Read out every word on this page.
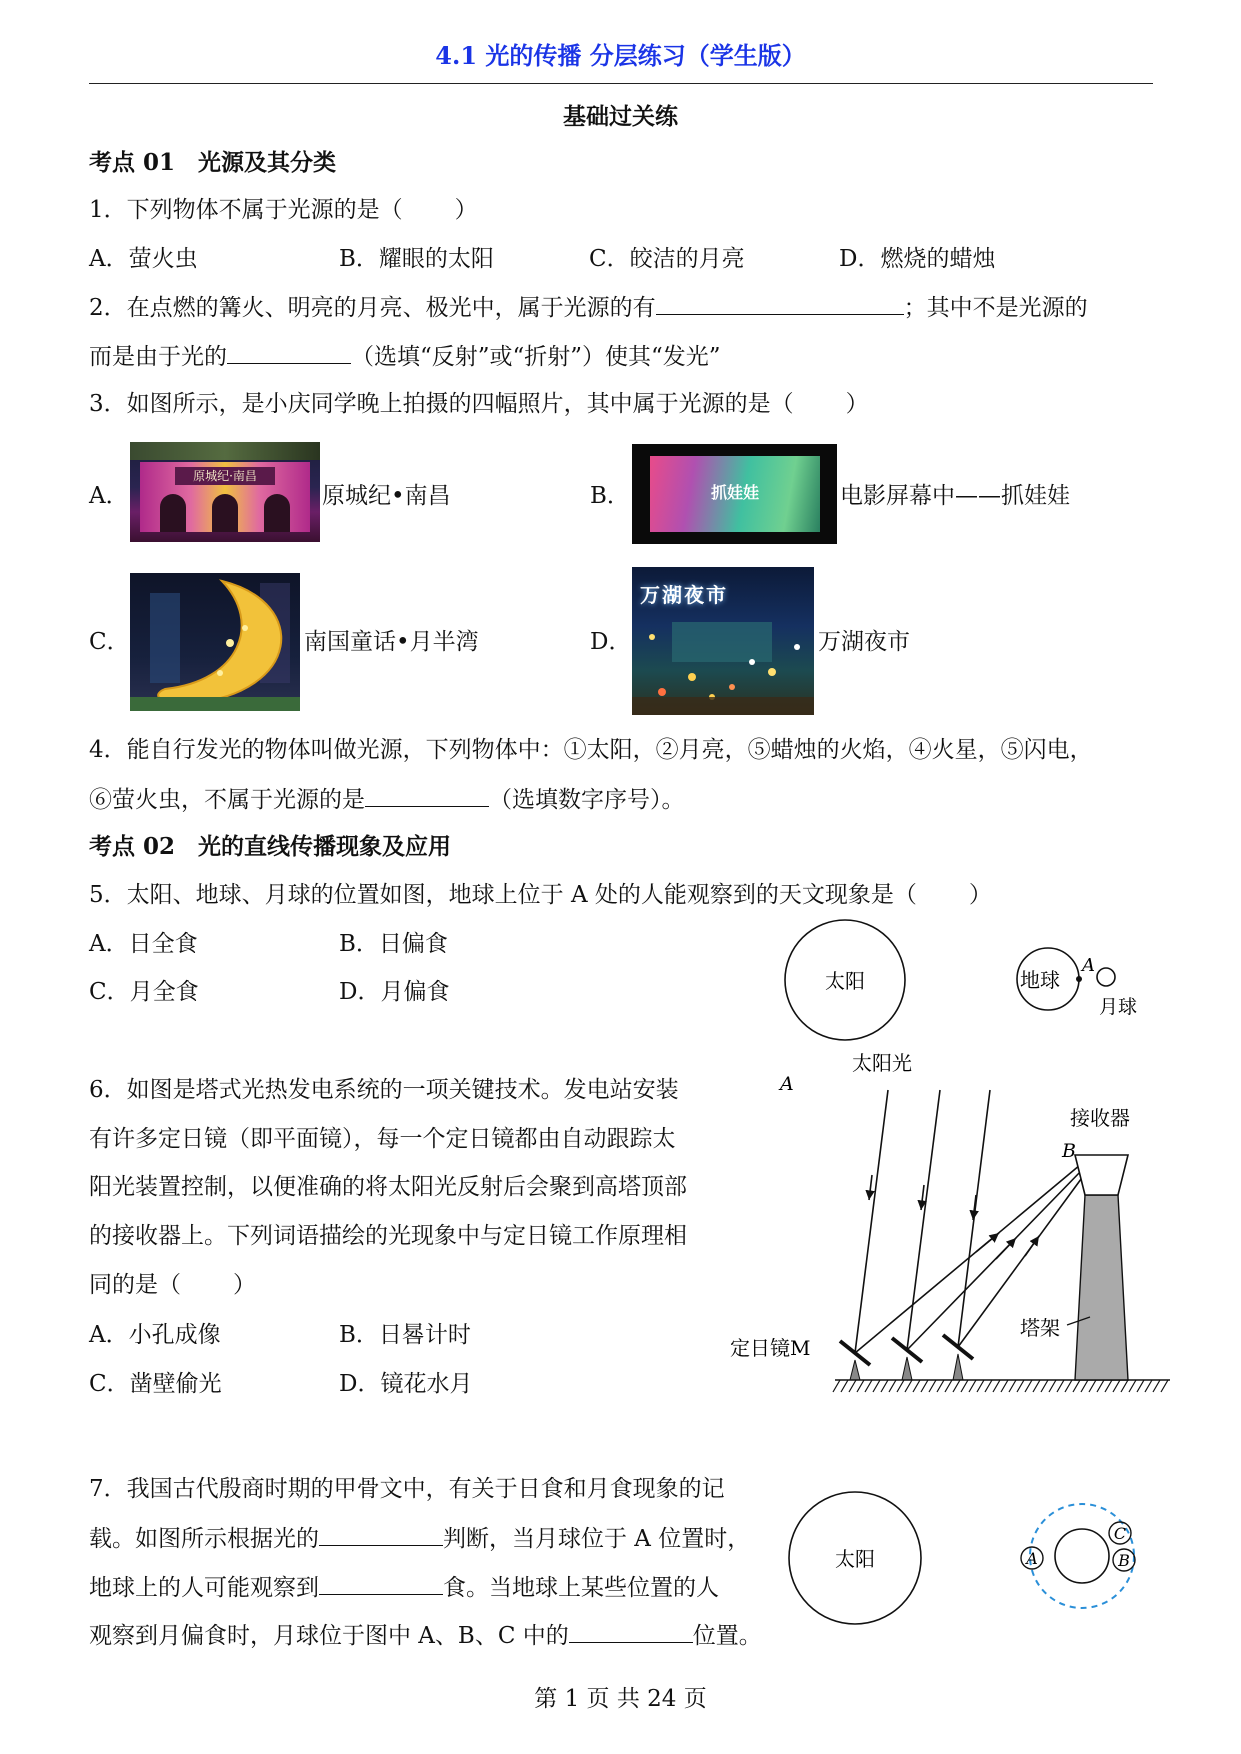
4.1 光的传播 分层练习（学生版）
基础过关练
考点 01　光源及其分类
1．下列物体不属于光源的是（ ）
A．萤火虫	B．耀眼的太阳	C．皎洁的月亮	D．燃烧的蜡烛
2．在点燃的篝火、明亮的月亮、极光中，属于光源的有	；其中不是光源的
而是由于光的	（选填“反射”或“折射”）使其“发光”
3．如图所示，是小庆同学晚上拍摄的四幅照片，其中属于光源的是（ ）
A．
原城纪·南昌
原城纪•南昌	B．	抓娃娃	电影屏幕中——抓娃娃
C．	南国童话•月半湾	D．
万湖夜市
万湖夜市
4．能自行发光的物体叫做光源，下列物体中：①太阳，②月亮，⑤蜡烛的火焰，④火星，⑤闪电，
⑥萤火虫，不属于光源的是	（选填数字序号）。
考点 02　光的直线传播现象及应用
5．太阳、地球、月球的位置如图，地球上位于 A 处的人能观察到的天文现象是（ ）
A．日全食	B．日偏食
C．月全食	D．月偏食	太阳	地球
A
月球
6．如图是塔式光热发电系统的一项关键技术。发电站安装
有许多定日镜（即平面镜），每一个定日镜都由自动跟踪太
阳光装置控制，以便准确的将太阳光反射后会聚到高塔顶部
的接收器上。下列词语描绘的光现象中与定日镜工作原理相
同的是（ ）
A．小孔成像	B．日晷计时
C．凿壁偷光	D．镜花水月
太阳光
A
接收器
B
塔架
定日镜M
7．我国古代殷商时期的甲骨文中，有关于日食和月食现象的记
载。如图所示根据光的	判断，当月球位于 A 位置时，
地球上的人可能观察到	食。当地球上某些位置的人
观察到月偏食时，月球位于图中 A、B、C 中的	位置。
太阳	A	B
C
第 1 页 共 24 页
